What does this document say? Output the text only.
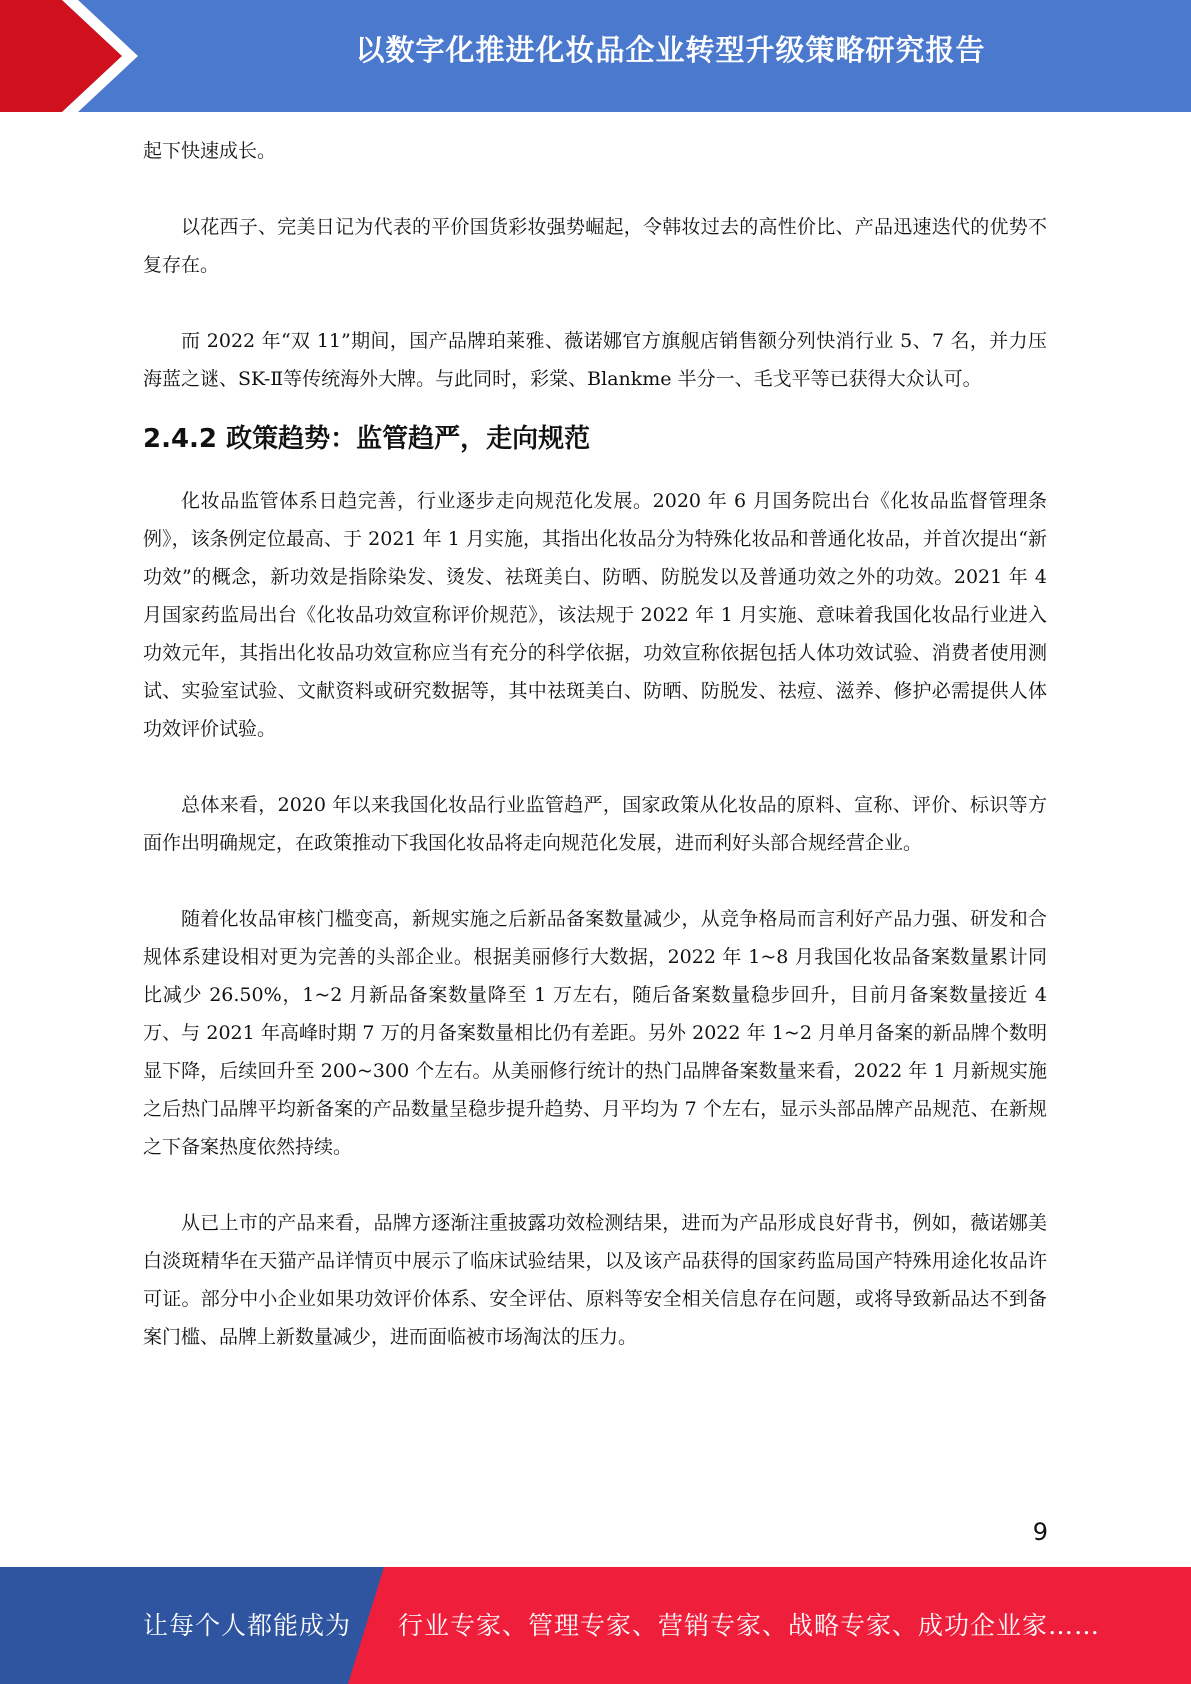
以数字化推进化妆品企业转型升级策略研究报告

起下快速成长。

以花西子、完美日记为代表的平价国货彩妆强势崛起，令韩妆过去的高性价比、产品迅速迭代的优势不复存在。

而 2022 年“双 11”期间，国产品牌珀莱雅、薇诺娜官方旗舰店销售额分列快消行业 5、7 名，并力压海蓝之谜、SK-Ⅱ等传统海外大牌。与此同时，彩棠、Blankme 半分一、毛戈平等已获得大众认可。

2.4.2 政策趋势：监管趋严，走向规范

化妆品监管体系日趋完善，行业逐步走向规范化发展。2020 年 6 月国务院出台《化妆品监督管理条例》，该条例定位最高、于 2021 年 1 月实施，其指出化妆品分为特殊化妆品和普通化妆品，并首次提出“新功效”的概念，新功效是指除染发、烫发、祛斑美白、防晒、防脱发以及普通功效之外的功效。2021 年 4 月国家药监局出台《化妆品功效宣称评价规范》，该法规于 2022 年 1 月实施、意味着我国化妆品行业进入功效元年，其指出化妆品功效宣称应当有充分的科学依据，功效宣称依据包括人体功效试验、消费者使用测试、实验室试验、文献资料或研究数据等，其中祛斑美白、防晒、防脱发、祛痘、滋养、修护必需提供人体功效评价试验。

总体来看，2020 年以来我国化妆品行业监管趋严，国家政策从化妆品的原料、宣称、评价、标识等方面作出明确规定，在政策推动下我国化妆品将走向规范化发展，进而利好头部合规经营企业。

随着化妆品审核门槛变高，新规实施之后新品备案数量减少，从竞争格局而言利好产品力强、研发和合规体系建设相对更为完善的头部企业。根据美丽修行大数据，2022 年 1~8 月我国化妆品备案数量累计同比减少 26.50%，1~2 月新品备案数量降至 1 万左右，随后备案数量稳步回升，目前月备案数量接近 4 万、与 2021 年高峰时期 7 万的月备案数量相比仍有差距。另外 2022 年 1~2 月单月备案的新品牌个数明显下降，后续回升至 200~300 个左右。从美丽修行统计的热门品牌备案数量来看，2022 年 1 月新规实施之后热门品牌平均新备案的产品数量呈稳步提升趋势、月平均为 7 个左右，显示头部品牌产品规范、在新规之下备案热度依然持续。

从已上市的产品来看，品牌方逐渐注重披露功效检测结果，进而为产品形成良好背书，例如，薇诺娜美白淡斑精华在天猫产品详情页中展示了临床试验结果，以及该产品获得的国家药监局国产特殊用途化妆品许可证。部分中小企业如果功效评价体系、安全评估、原料等安全相关信息存在问题，或将导致新品达不到备案门槛、品牌上新数量减少，进而面临被市场淘汰的压力。

9
让每个人都能成为 行业专家、管理专家、营销专家、战略专家、成功企业家……
